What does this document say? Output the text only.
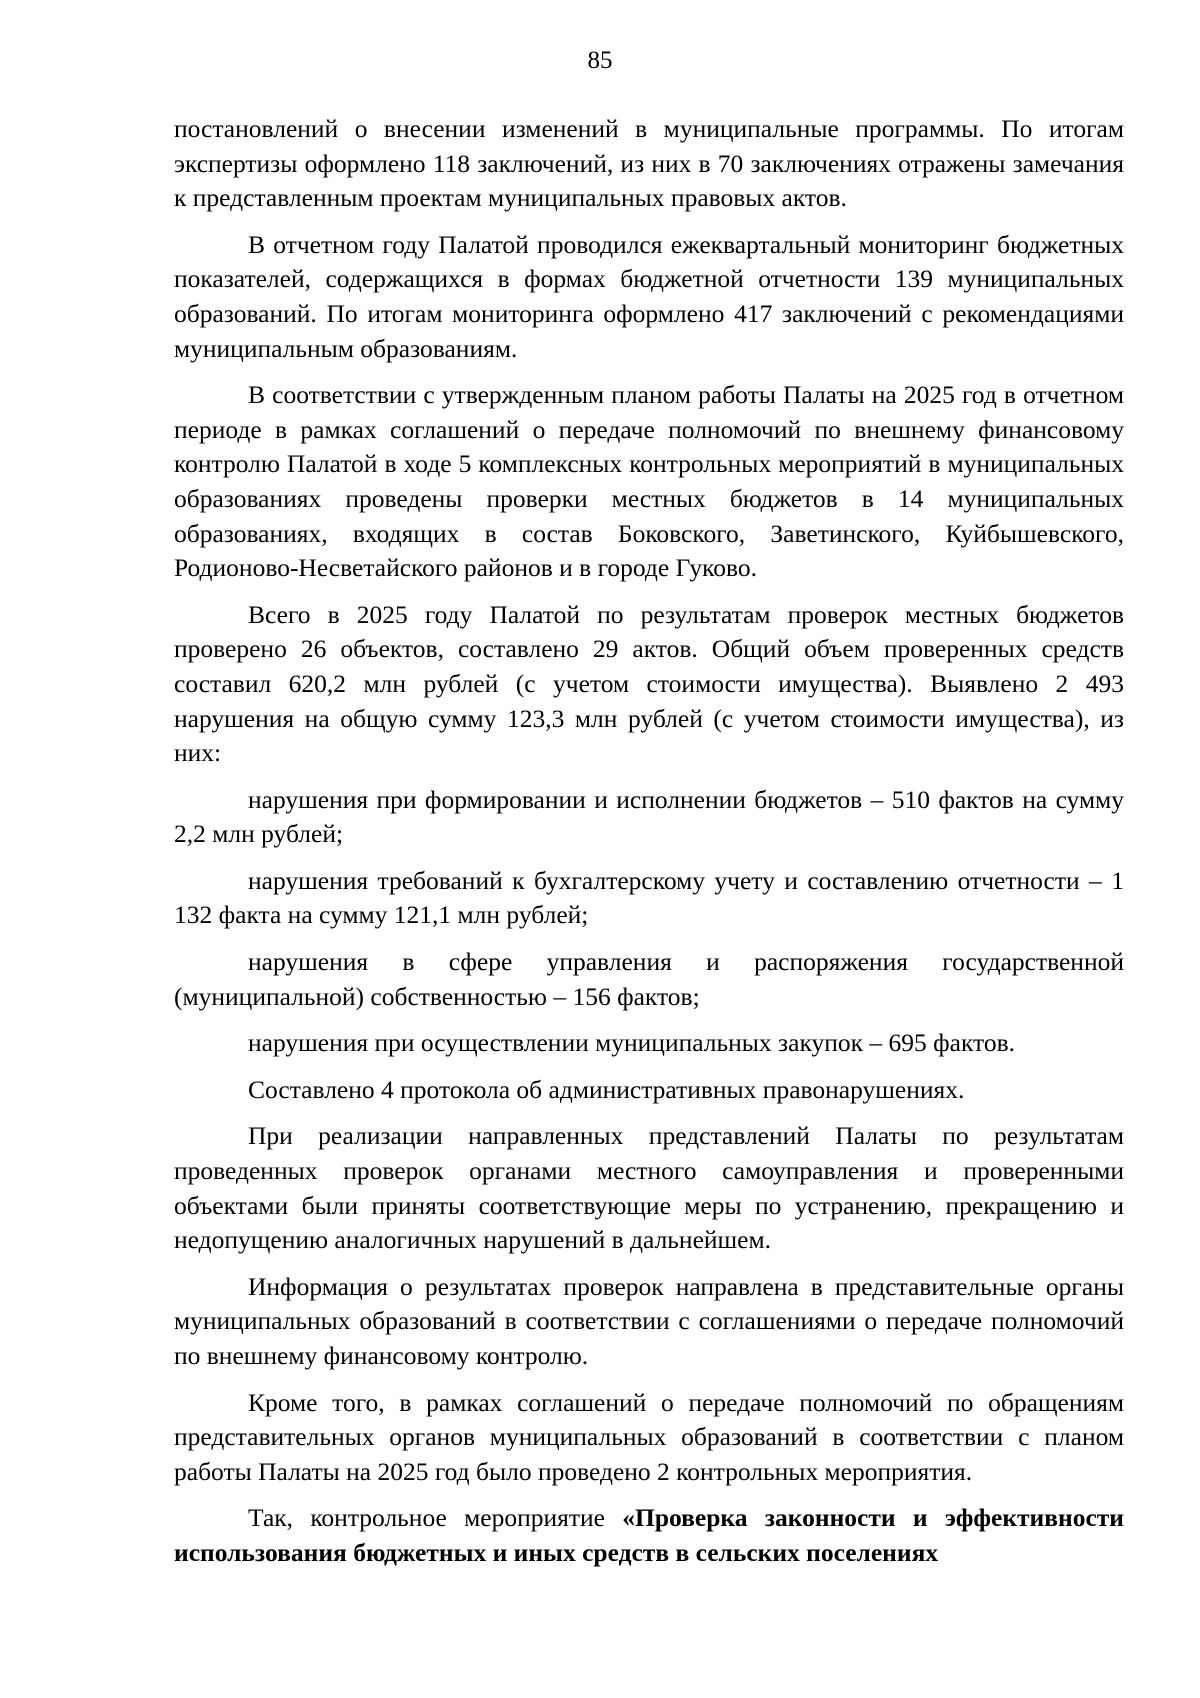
85

постановлений о внесении изменений в муниципальные программы. По итогам экспертизы оформлено 118 заключений, из них в 70 заключениях отражены замечания к представленным проектам муниципальных правовых актов.

В отчетном году Палатой проводился ежеквартальный мониторинг бюджетных показателей, содержащихся в формах бюджетной отчетности 139 муниципальных образований. По итогам мониторинга оформлено 417 заключений с рекомендациями муниципальным образованиям.

В соответствии с утвержденным планом работы Палаты на 2025 год в отчетном периоде в рамках соглашений о передаче полномочий по внешнему финансовому контролю Палатой в ходе 5 комплексных контрольных мероприятий в муниципальных образованиях проведены проверки местных бюджетов в 14 муниципальных образованиях, входящих в состав Боковского, Заветинского, Куйбышевского, Родионово-Несветайского районов и в городе Гуково.

Всего в 2025 году Палатой по результатам проверок местных бюджетов проверено 26 объектов, составлено 29 актов. Общий объем проверенных средств составил 620,2 млн рублей (с учетом стоимости имущества). Выявлено 2 493 нарушения на общую сумму 123,3 млн рублей (с учетом стоимости имущества), из них:

нарушения при формировании и исполнении бюджетов – 510 фактов на сумму 2,2 млн рублей;

нарушения требований к бухгалтерскому учету и составлению отчетности – 1 132 факта на сумму 121,1 млн рублей;

нарушения в сфере управления и распоряжения государственной (муниципальной) собственностью – 156 фактов;

нарушения при осуществлении муниципальных закупок – 695 фактов.

Составлено 4 протокола об административных правонарушениях.

При реализации направленных представлений Палаты по результатам проведенных проверок органами местного самоуправления и проверенными объектами были приняты соответствующие меры по устранению, прекращению и недопущению аналогичных нарушений в дальнейшем.

Информация о результатах проверок направлена в представительные органы муниципальных образований в соответствии с соглашениями о передаче полномочий по внешнему финансовому контролю.

Кроме того, в рамках соглашений о передаче полномочий по обращениям представительных органов муниципальных образований в соответствии с планом работы Палаты на 2025 год было проведено 2 контрольных мероприятия.

Так, контрольное мероприятие «Проверка законности и эффективности использования бюджетных и иных средств в сельских поселениях
